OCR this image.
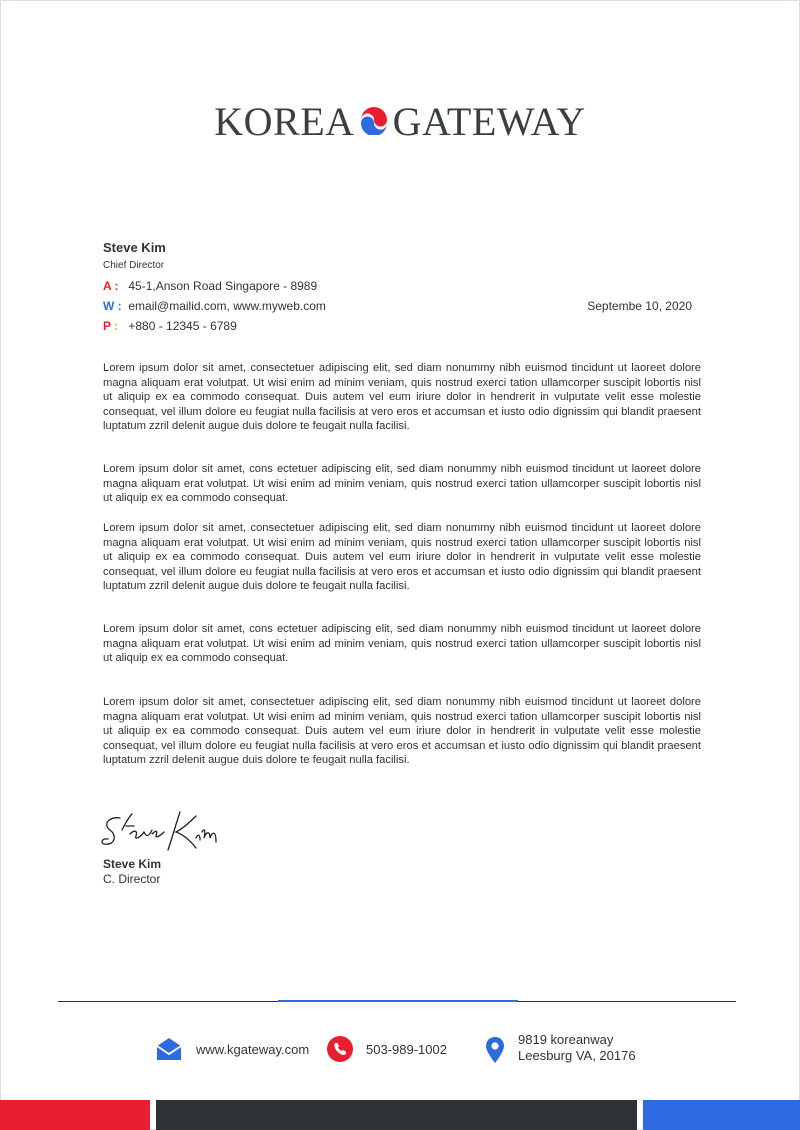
KOREA GATEWAY
Steve Kim
Chief Director
A : 45-1,Anson Road Singapore - 8989
W : email@mailid.com, www.myweb.com
P : +880 - 12345 - 6789
Septembe 10, 2020

Lorem ipsum dolor sit amet, consectetuer adipiscing elit, sed diam nonummy nibh euismod tincidunt ut laoreet dolore magna aliquam erat volutpat. Ut wisi enim ad minim veniam, quis nostrud exerci tation ullamcorper suscipit lobortis nisl ut aliquip ex ea commodo consequat. Duis autem vel eum iriure dolor in hendrerit in vulputate velit esse molestie consequat, vel illum dolore eu feugiat nulla facilisis at vero eros et accumsan et iusto odio dignissim qui blandit praesent luptatum zzril delenit augue duis dolore te feugait nulla facilisi.

Lorem ipsum dolor sit amet, cons ectetuer adipiscing elit, sed diam nonummy nibh euismod tincidunt ut laoreet dolore magna aliquam erat volutpat. Ut wisi enim ad minim veniam, quis nostrud exerci tation ullamcorper suscipit lobortis nisl ut aliquip ex ea commodo consequat.

Lorem ipsum dolor sit amet, consectetuer adipiscing elit, sed diam nonummy nibh euismod tincidunt ut laoreet dolore magna aliquam erat volutpat. Ut wisi enim ad minim veniam, quis nostrud exerci tation ullamcorper suscipit lobortis nisl ut aliquip ex ea commodo consequat. Duis autem vel eum iriure dolor in hendrerit in vulputate velit esse molestie consequat, vel illum dolore eu feugiat nulla facilisis at vero eros et accumsan et iusto odio dignissim qui blandit praesent luptatum zzril delenit augue duis dolore te feugait nulla facilisi.

Lorem ipsum dolor sit amet, cons ectetuer adipiscing elit, sed diam nonummy nibh euismod tincidunt ut laoreet dolore magna aliquam erat volutpat. Ut wisi enim ad minim veniam, quis nostrud exerci tation ullamcorper suscipit lobortis nisl ut aliquip ex ea commodo consequat.

Lorem ipsum dolor sit amet, consectetuer adipiscing elit, sed diam nonummy nibh euismod tincidunt ut laoreet dolore magna aliquam erat volutpat. Ut wisi enim ad minim veniam, quis nostrud exerci tation ullamcorper suscipit lobortis nisl ut aliquip ex ea commodo consequat. Duis autem vel eum iriure dolor in hendrerit in vulputate velit esse molestie consequat, vel illum dolore eu feugiat nulla facilisis at vero eros et accumsan et iusto odio dignissim qui blandit praesent luptatum zzril delenit augue duis dolore te feugait nulla facilisi.

Steve Kim
C. Director
www.kgateway.com	503-989-1002
9819 koreanway
Leesburg VA, 20176
